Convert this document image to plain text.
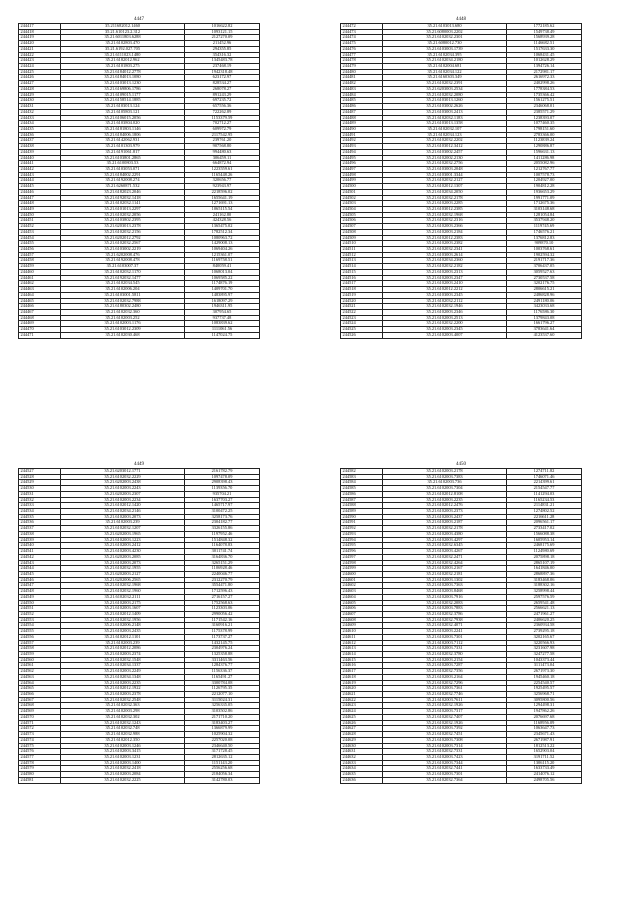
4447
244417	35.211682012.1460	1016622.82
244418	35.21.610123.2.312	1093121.15
244419	35.21.6011803.6288	2127270.09
244420	35.21.6102803.470	211452.96
244421	35.21.6192.027.705	294355.85
244422	35.21.6111023.1480	354316.32
244423	35.21.6182012.962	1345483.78
244424	35.21.6101803.275	237468.19
244425	35.21.6184012.2778	1942318.48
244426	35.21.6184013.1080	623172.97
244427	35.21.6103013.1230	828534.27
244428	35.21.6169806.1786	268078.27
244429	35.21.6109015.1177	891243.29
244430	35.21.6158514.1885	697235.72
244431	35.21.6103013.124	657556.36
244432	35.21.6105803.121	722262.89
244433	35.21.6106015.2056	1153379.59
244434	35.21.6103804.020	702712.27
244435	35.21.6181803.1146	609972.79
244436	35.21.6184006.1806	2117542.95
244437	35.21.6142062.931	239761.20
244438	35.21.6101303.979	907568.80
244439	35.21.6191061.817	994480.63
244440	35.21.6103801.2865	306459.11
244441	35.21.6100803.53	664872.94
244442	35.21.6103053.071	1223559.61
244443	35.21.6184002.2291	1165448.26
244444	35.21.6192008.274	320656.77
244445	35.21.6260871.532	923943.97
244446	35.21.6182023.2046	2218596.02
244447	35.21.6192032.1418	1655641.19
244448	35.21.6102032.1141	1271691.13
244449	35.21.6101013.2297	1065115.54
244450	35.21.6102032.2056	241162.80
244451	35.21.6103802.2395	424328.56
244452	35.21.6203013.2378	1365475.02
244453	35.21.6102032.2156	1782512.34
244454	35.21.6202012.2792	1080963.72
244455	35.21.6102032.2567	1429008.13
244456	35.21.6103002.2219	1069404.26
244457	35.21.6202008.476	1215361.07
244458	35.21.6192008.478	1169758.51
244459	35.21.6103007.37	840059.41
244460	35.21.6102032.1170	1068013.04
244461	35.21.6192032.1477	1069585.22
244462	35.21.6102034.545	1174876.19
244463	35.21.6102006.204	1409701.70
244464	35.21.6103001.5811	1483895.97
244465	35.21.6102032.7988	1618097.29
244466	35.21.6180302.2480	1946311.95
244467	35.21.6102032.360	307954.65
244468	35.21.6102003.252	937737.48
244469	35.21.6102003.1176	1083839.62
244470	35.21.6103012.2309	1111061.56
244471	35.21.6102030.468	1147024.75
4448
244472	35.21.6103013.680	1772185.62
244473	35.21.6080003.2202	1549738.49
244474	35.21.6102032.2301	1568939.28
244475	35.21.6080012.730	1146682.51
244476	35.21.6103003.1739	1517633.30
244477	35.21.6102034.395	1068431.45
244478	35.21.6102034.2180	1012628.29
244479	35.21.6102004.681	1394726.14
244480	35.21.6102034.122	2172981.17
244481	35.21.6160303.349	2616972.33
244482	35.21.6102032.2391	2402998.26
244483	35.21.6203003.2534	1778384.53
244484	35.21.6102032.2080	1735366.42
244485	35.21.6103013.1260	1561275.51
244486	35.21.6103002.2626	2346068.01
244487	35.21.6103003.2413	2385571.29
244488	35.21.6102032.1183	1238393.07
244489	35.21.6103013.1358	1077460.35
244490	35.21.6102032.107	1798151.60
244491	35.21.6102034.123	2783366.00
244492	35.21.6102032.2202	1123839.24
244493	35.21.6103012.3412	1290886.87
244494	35.21.6103002.2457	1596631.13
244495	35.21.6102002.2130	1411286.98
244496	35.21.6102032.2756	2055082.96
244497	35.21.6103003.2048	1212767.77
244498	35.21.6103001.3344	1007578.73
244499	35.21.6102032.2127	1204927.00
244500	35.21.6102012.1307	1904812.28
244501	35.21.6102034.2050	1936653.29
244502	35.21.6102032.2178	1991771.09
244503	35.21.6102003.2285	1712675.36
244504	35.21.6103012.2385	3103148.68
244505	35.21.6102032.1968	1281054.84
244506	35.21.6102032.2316	3537948.20
244507	35.21.6102003.2366	1119745.69
244508	35.21.6102003.2184	1746576.21
244509	35.21.6102012.2383	1376812.83
244510	35.21.6102003.2382	909870.10
244511	35.21.6102032.2341	1003768.61
244512	35.21.6103003.2614	1902594.32
244513	35.21.6102034.2360	2191717.36
244514	35.21.6102032.2182	3706437.05
244515	35.21.6102003.2313	3059527.63
244516	35.21.6102003.2347	2730537.58
244517	35.21.6102003.2410	3202176.75
244518	35.21.6102012.2212	2806615.21
244519	35.21.6103003.2345	2486828.96
244520	35.21.6102032.2112	2491180.06
244521	35.21.6102032.1946	3423033.68
244522	35.21.6102003.2346	1176586.30
244523	35.21.6102003.2513	1379843.08
244524	35.21.6102032.2200	1661796.27
244525	35.21.6102003.2345	3783641.64
244526	35.21.6102003.4007	4123537.60
4449
244527	35.21.6203012.1771	2161782.79
244528	35.21.6102032.2229	1097478.09
244529	35.21.6202003.2438	2908398.43
244530	35.21.6102003.2243	1139356.70
244531	35.21.6202003.2307	935704.21
244532	35.21.6102003.2234	1637703.27
244533	35.21.6102012.1420	1465717.97
244534	35.21.6102034.2146	3100472.25
244535	35.21.6102003.2073	3258173.76
244536	35.21.6102003.239	2304182.77
244537	35.21.6102032.1207	3326155.86
244538	35.21.6202003.1965	1197952.46
244539	35.21.6102003.1223	1514848.32
244540	35.21.6102003.2412	1164078.83
244541	35.21.6102003.4230	3011741.74
244542	35.21.6202003.2085	3164836.70
244543	35.21.6102003.2073	3265151.29
244544	35.21.6102032.1955	1106928.46
244545	35.21.6202003.2127	2240046.77
244546	35.21.6202006.2565	2312270.79
244547	35.21.6102032.1968	3554471.80
244548	35.21.6102032.1960	1712596.43
244549	35.21.6102032.2111	2716157.27
244550	35.21.6102003.2175	1752568.63
244551	35.21.6102003.1607	1123303.06
244552	35.21.6102012.1409	2990056.42
244553	35.21.6102032.1956	1171542.16
244554	35.21.6102006.2148	3160916.21
244555	35.21.6102003.2435	1175378.99
244556	35.21.6102012.1101	1173737.27
244557	35.21.6102003.239	1432145.75
244558	35.21.6102012.2086	2304976.24
244559	35.21.6102003.2374	1325358.88
244560	35.21.6102032.1548	3311463.56
244561	35.21.6102034.1337	1284376.77
244562	35.21.6102003.2249	1156336.37
244563	35.21.6102034.1348	1165491.27
244564	35.21.6102003.2235	3300784.08
244565	35.21.6102012.1922	1126795.35
244566	35.21.6102003.2378	2212077.10
244567	35.21.6102032.2548	3115024.31
244568	35.21.6102032.363	3256335.05
244569	35.21.6102003.298	3103502.86
244570	35.21.6102032.302	2171710.20
244571	35.21.6102032.1243	3183403.27
244572	35.21.6102032.748	1366879.99
244573	35.21.6102032.988	1025904.32
244574	35.21.6102012.350	2257020.08
244575	35.21.6102003.1246	2346640.50
244576	35.21.6102003.3415	3171728.45
244577	35.21.6102003.1231	2812635.12
244578	35.21.6102003.1400	1151143.20
244579	35.21.6102032.2418	2556256.68
244580	35.21.6102003.2084	2184056.34
244581	35.21.6102032.2225	3142780.03
4450
244582	35.21.6102003.2178	1274711.82
244583	35.21.6102003.7383	1746071.46
244584	35.21.6102003.736	2214399.61
244585	35.21.6102003.7304	2154547.77
244586	35.21.6102012.8108	1141294.03
244587	35.21.6102003.2235	1165234.53
244588	35.21.6102012.2476	2114831.21
244589	35.21.6102003.2373	1274802.52
244590	35.21.6102003.2437	2216611.28
244591	35.21.6102003.2187	2096561.17
244592	35.21.6102032.2178	2733417.02
244593	35.21.6102003.4380	1566088.38
244594	35.21.6102003.4297	1605953.14
244595	35.21.6102032.6345	2468175.69
244596	35.21.6102003.4267	1124980.69
244597	35.21.6102032.2471	2075898.18
244598	35.21.6102032.4264	2865107.19
244599	35.21.6102003.2167	1641846.00
244600	35.21.6102032.2181	2868897.36
244601	35.21.6102003.1302	3183468.06
244602	35.21.6102003.7363	3188302.16
244603	35.21.6102003.8468	3258998.44
244604	35.21.6102003.7916	2597576.59
244605	35.21.6102032.2083	2659541.48
244606	35.21.6102003.7883	2566621.13
244607	35.21.6102032.3786	2471961.27
244608	35.21.6102032.7938	2406620.25
244609	35.21.6102032.4071	2360934.58
244610	35.21.6102003.2241	2739295.18
244611	35.21.6102003.7301	3202165.67
244612	35.21.6102003.7112	3220566.93
244613	35.21.6102003.7331	3231607.98
244614	35.21.6102032.3780	3247277.58
244615	35.21.6102003.2154	1043373.44
244616	35.21.6102003.7287	3111473.04
244617	35.21.6102032.7356	2671973.30
244618	35.21.6102003.2164	1945460.18
244619	35.21.6102032.7296	2254540.57
244620	35.21.6102003.7361	1925495.57
244621	35.21.6102032.7746	3256968.71
244622	35.21.6102003.7611	3095800.56
244623	35.21.6102032.1926	1294498.31
244624	35.21.6102003.7317	1947862.26
244625	35.21.6102032.7407	2076697.68
244626	35.21.6102032.1926	1168956.09
244627	35.21.6102003.7392	1063647.73
244628	35.21.6102032.7451	2345671.43
244629	35.21.6102003.7308	2671987.91
244630	35.21.6102003.7314	1812513.22
244631	35.21.6102032.7331	1652903.04
244632	35.21.6102003.7423	3191711.52
244633	35.21.6102003.7344	1306115.20
244634	35.21.6102032.7441	1633733.49
244635	35.21.6102003.7301	2414076.12
244636	35.21.6102032.7364	2498705.56
